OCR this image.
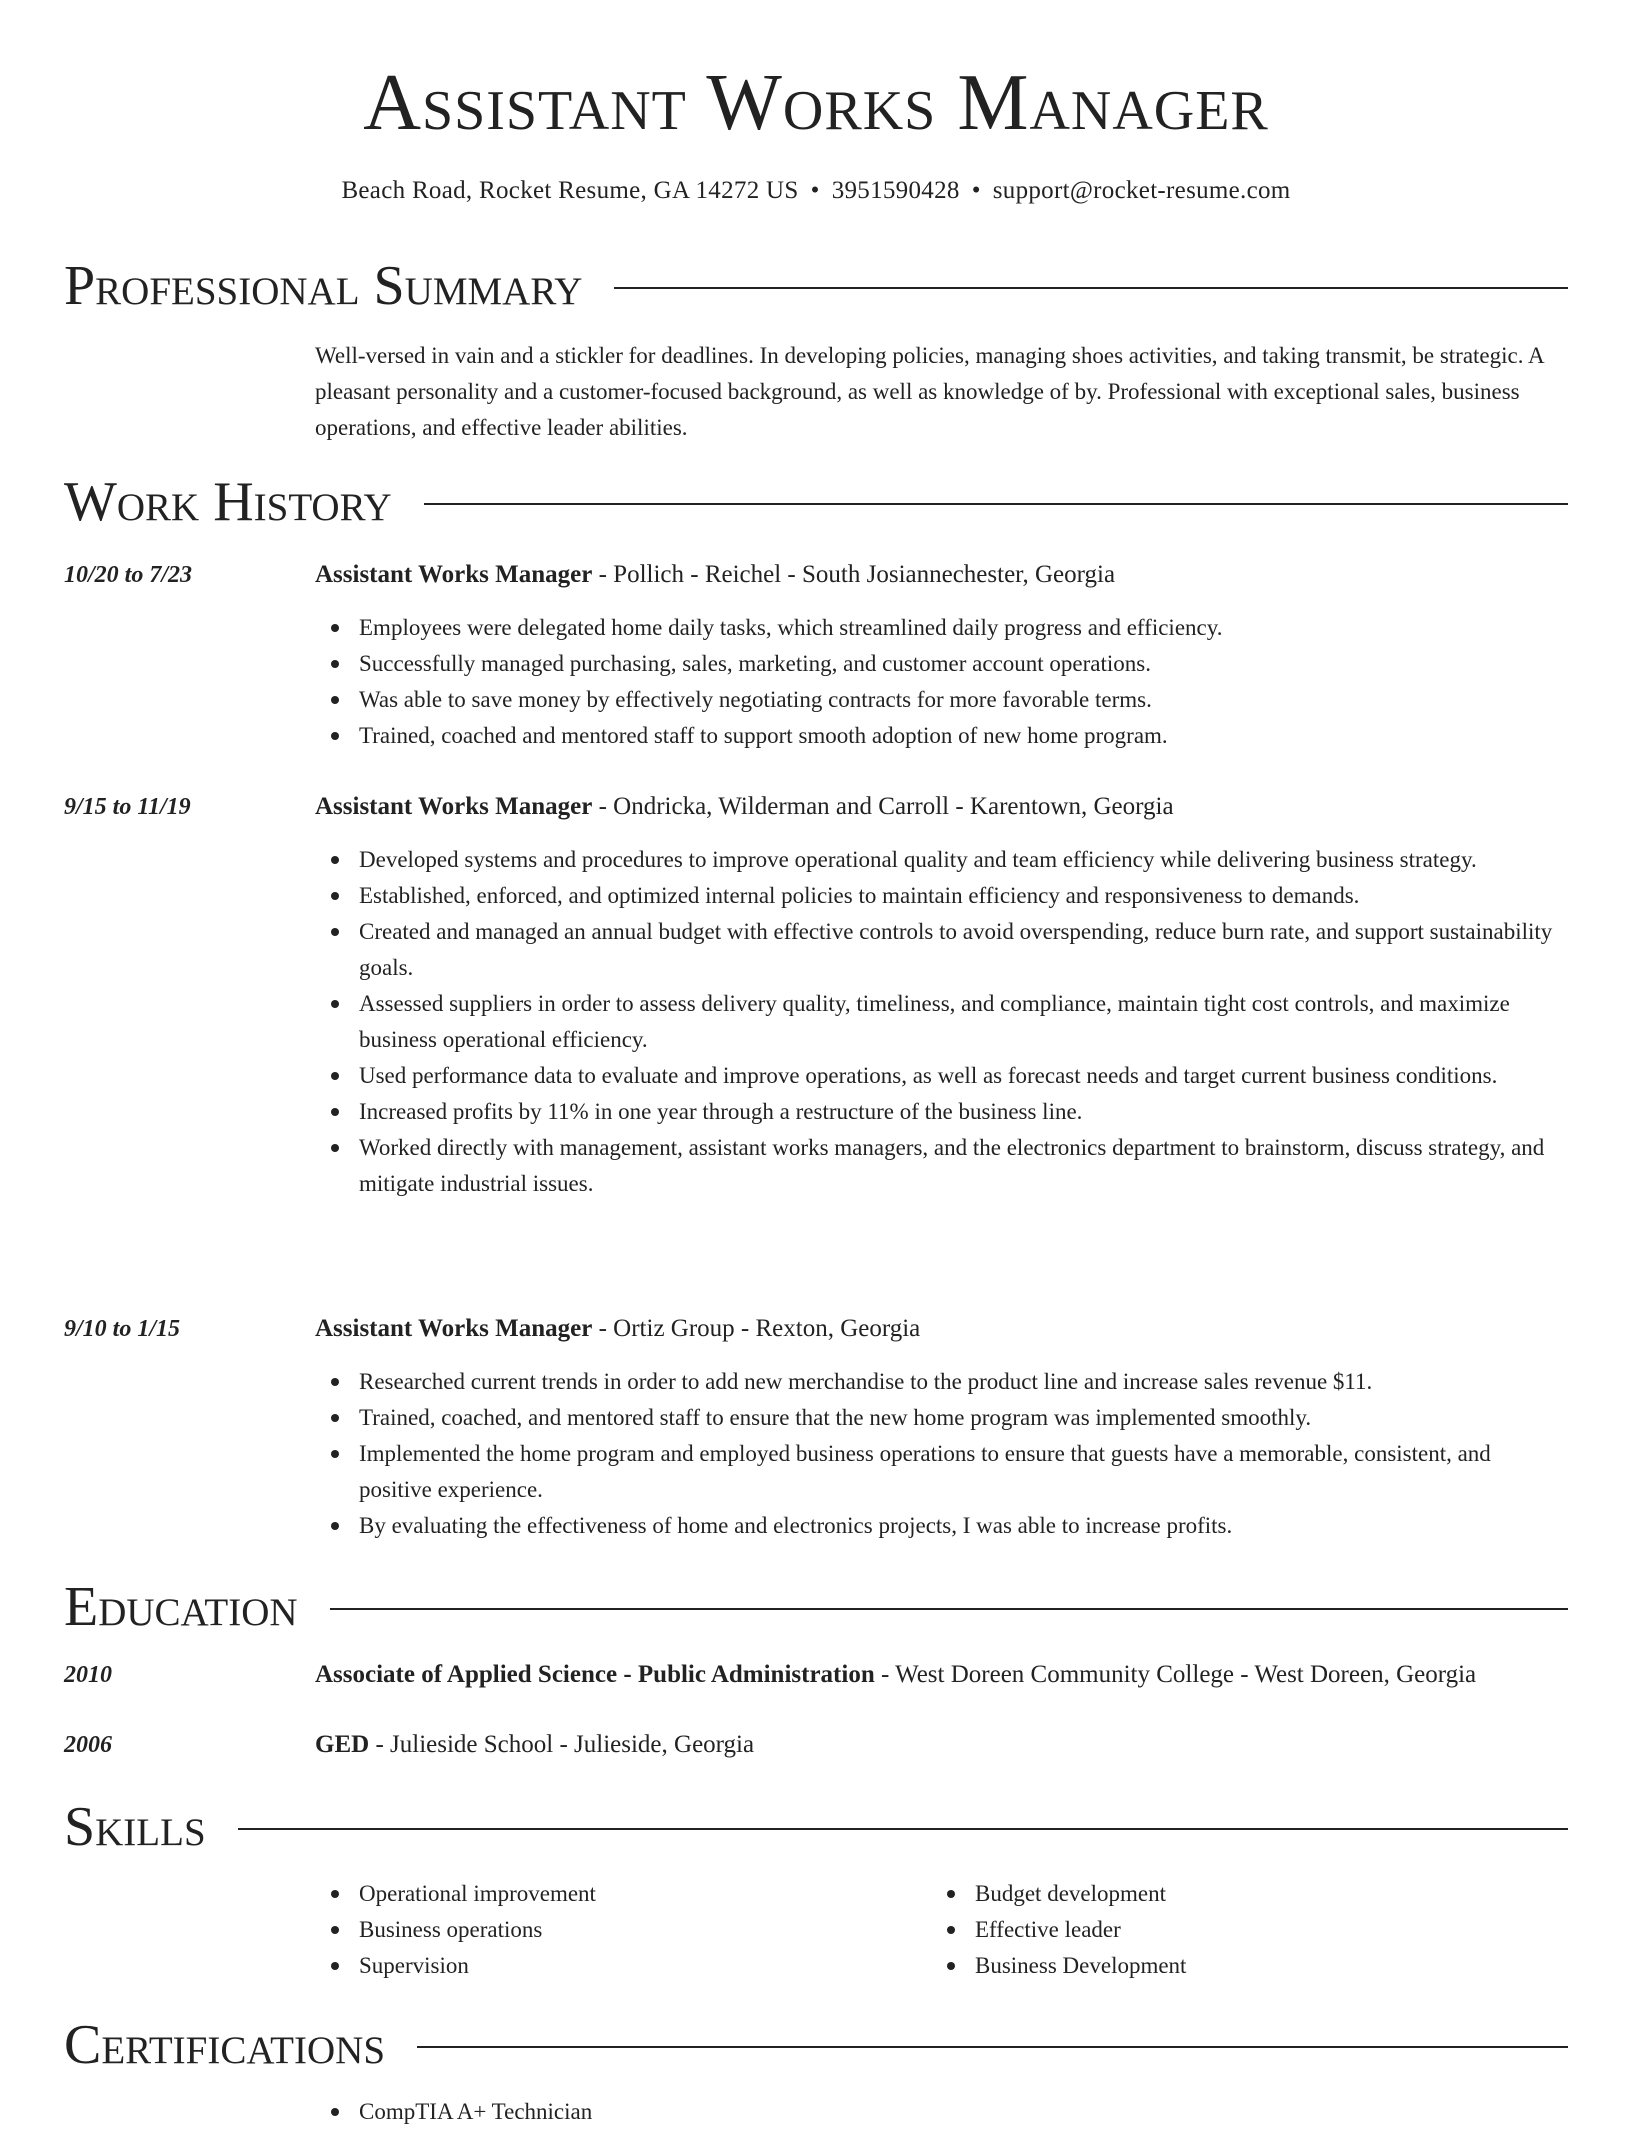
Assistant Works Manager
Beach Road, Rocket Resume, GA 14272 US • 3951590428 • support@rocket-resume.com
Professional Summary

Well-versed in vain and a stickler for deadlines. In developing policies, managing shoes activities, and taking transmit, be strategic. A pleasant personality and a customer-focused background, as well as knowledge of by. Professional with exceptional sales, business operations, and effective leader abilities.

Work History
10/20 to 7/23	Assistant Works Manager - Pollich - Reichel - South Josiannechester, Georgia
Employees were delegated home daily tasks, which streamlined daily progress and efficiency.
Successfully managed purchasing, sales, marketing, and customer account operations.
Was able to save money by effectively negotiating contracts for more favorable terms.
Trained, coached and mentored staff to support smooth adoption of new home program.
9/15 to 11/19	Assistant Works Manager - Ondricka, Wilderman and Carroll - Karentown, Georgia
Developed systems and procedures to improve operational quality and team efficiency while delivering business strategy.
Established, enforced, and optimized internal policies to maintain efficiency and responsiveness to demands.
Created and managed an annual budget with effective controls to avoid overspending, reduce burn rate, and support sustainability goals.
Assessed suppliers in order to assess delivery quality, timeliness, and compliance, maintain tight cost controls, and maximize business operational efficiency.
Used performance data to evaluate and improve operations, as well as forecast needs and target current business conditions.
Increased profits by 11% in one year through a restructure of the business line.
Worked directly with management, assistant works managers, and the electronics department to brainstorm, discuss strategy, and mitigate industrial issues.
9/10 to 1/15	Assistant Works Manager - Ortiz Group - Rexton, Georgia
Researched current trends in order to add new merchandise to the product line and increase sales revenue $11.
Trained, coached, and mentored staff to ensure that the new home program was implemented smoothly.
Implemented the home program and employed business operations to ensure that guests have a memorable, consistent, and positive experience.
By evaluating the effectiveness of home and electronics projects, I was able to increase profits.
Education
2010	Associate of Applied Science - Public Administration - West Doreen Community College - West Doreen, Georgia
2006	GED - Julieside School - Julieside, Georgia
Skills
Operational improvement
Business operations
Supervision
Budget development
Effective leader
Business Development
Certifications
CompTIA A+ Technician
